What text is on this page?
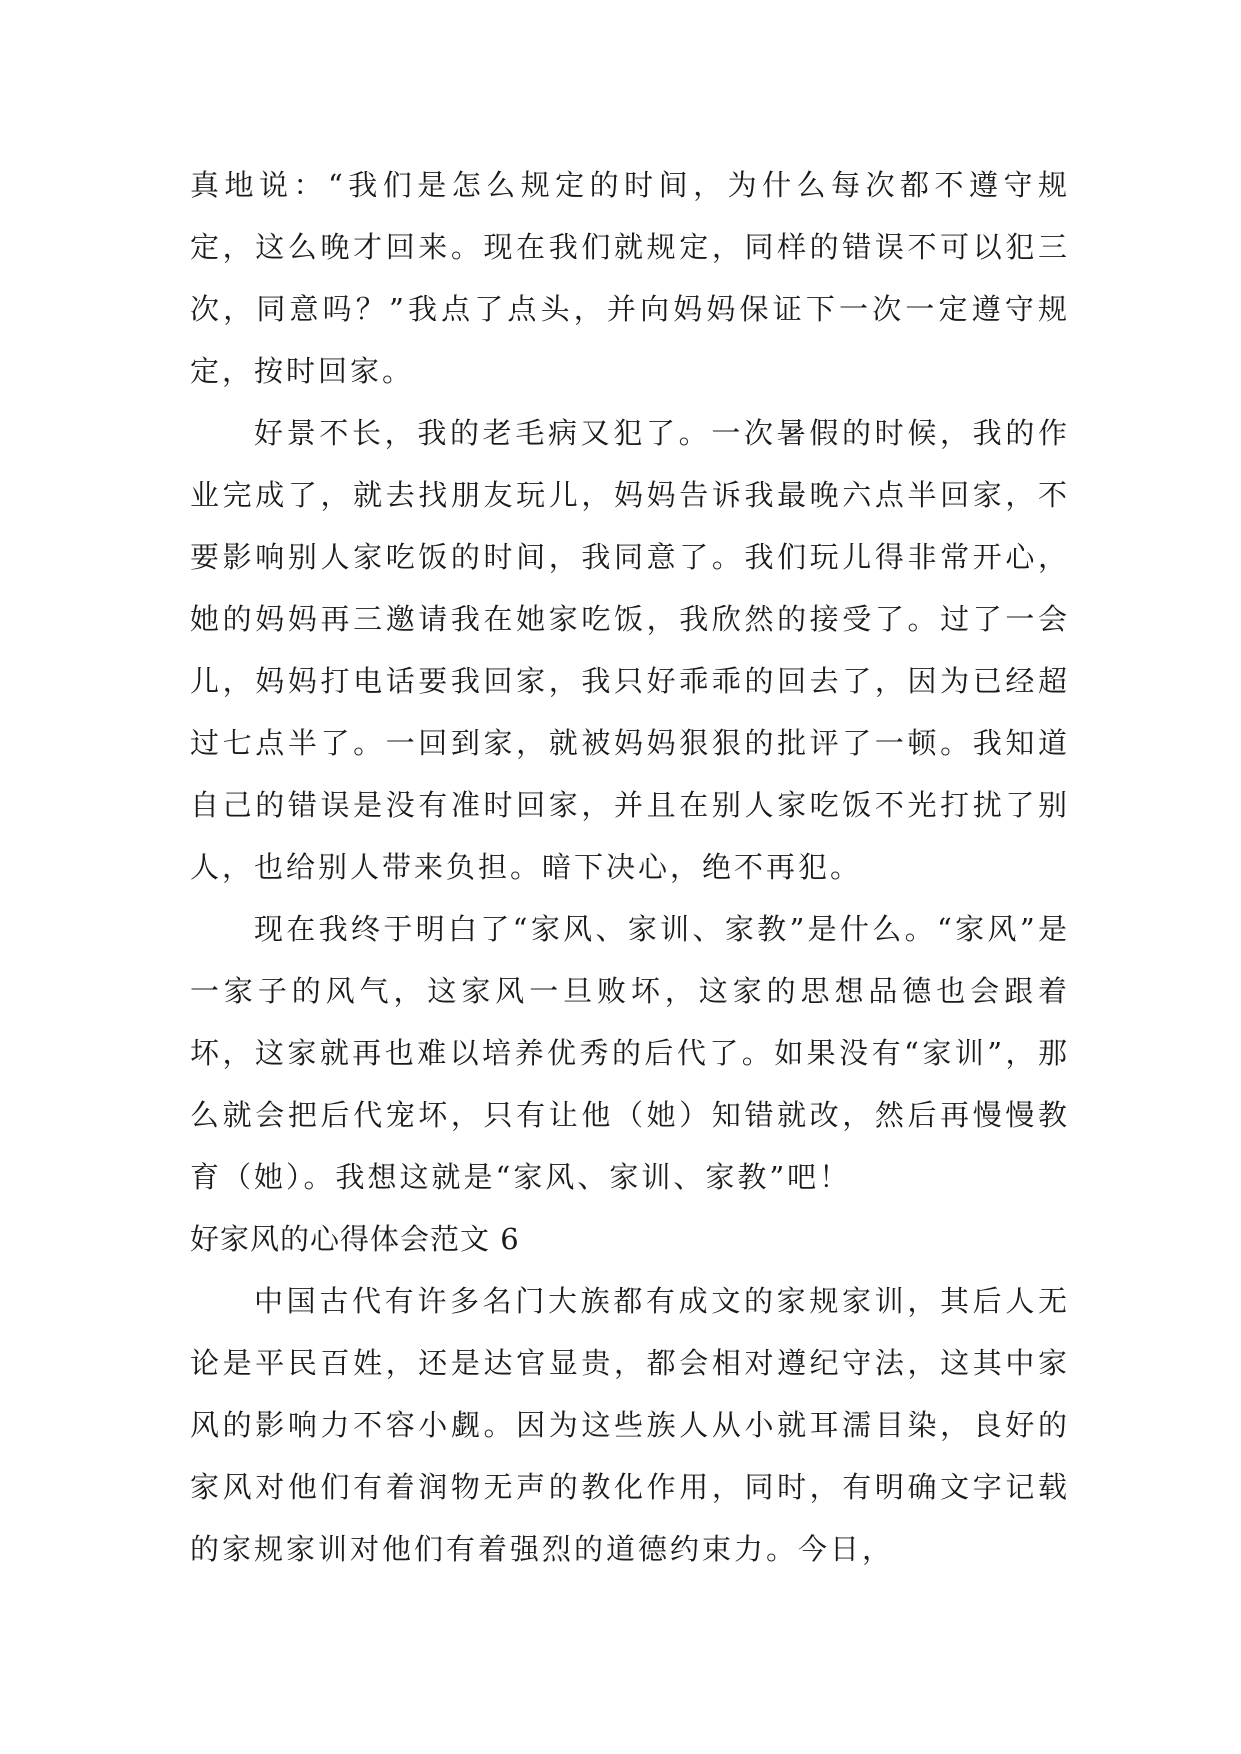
真地说：“我们是怎么规定的时间，为什么每次都不遵守规定，这么晚才回来。现在我们就规定，同样的错误不可以犯三次，同意吗？”我点了点头，并向妈妈保证下一次一定遵守规定，按时回家。

好景不长，我的老毛病又犯了。一次暑假的时候，我的作业完成了，就去找朋友玩儿，妈妈告诉我最晚六点半回家，不要影响别人家吃饭的时间，我同意了。我们玩儿得非常开心，她的妈妈再三邀请我在她家吃饭，我欣然的接受了。过了一会儿，妈妈打电话要我回家，我只好乖乖的回去了，因为已经超过七点半了。一回到家，就被妈妈狠狠的批评了一顿。我知道自己的错误是没有准时回家，并且在别人家吃饭不光打扰了别人，也给别人带来负担。暗下决心，绝不再犯。

现在我终于明白了“家风、家训、家教”是什么。“家风”是一家子的风气，这家风一旦败坏，这家的思想品德也会跟着坏，这家就再也难以培养优秀的后代了。如果没有“家训”，那么就会把后代宠坏，只有让他（她）知错就改，然后再慢慢教育（她）。我想这就是“家风、家训、家教”吧！

好家风的心得体会范文 6

中国古代有许多名门大族都有成文的家规家训，其后人无论是平民百姓，还是达官显贵，都会相对遵纪守法，这其中家风的影响力不容小觑。因为这些族人从小就耳濡目染，良好的家风对他们有着润物无声的教化作用，同时，有明确文字记载的家规家训对他们有着强烈的道德约束力。今日，
